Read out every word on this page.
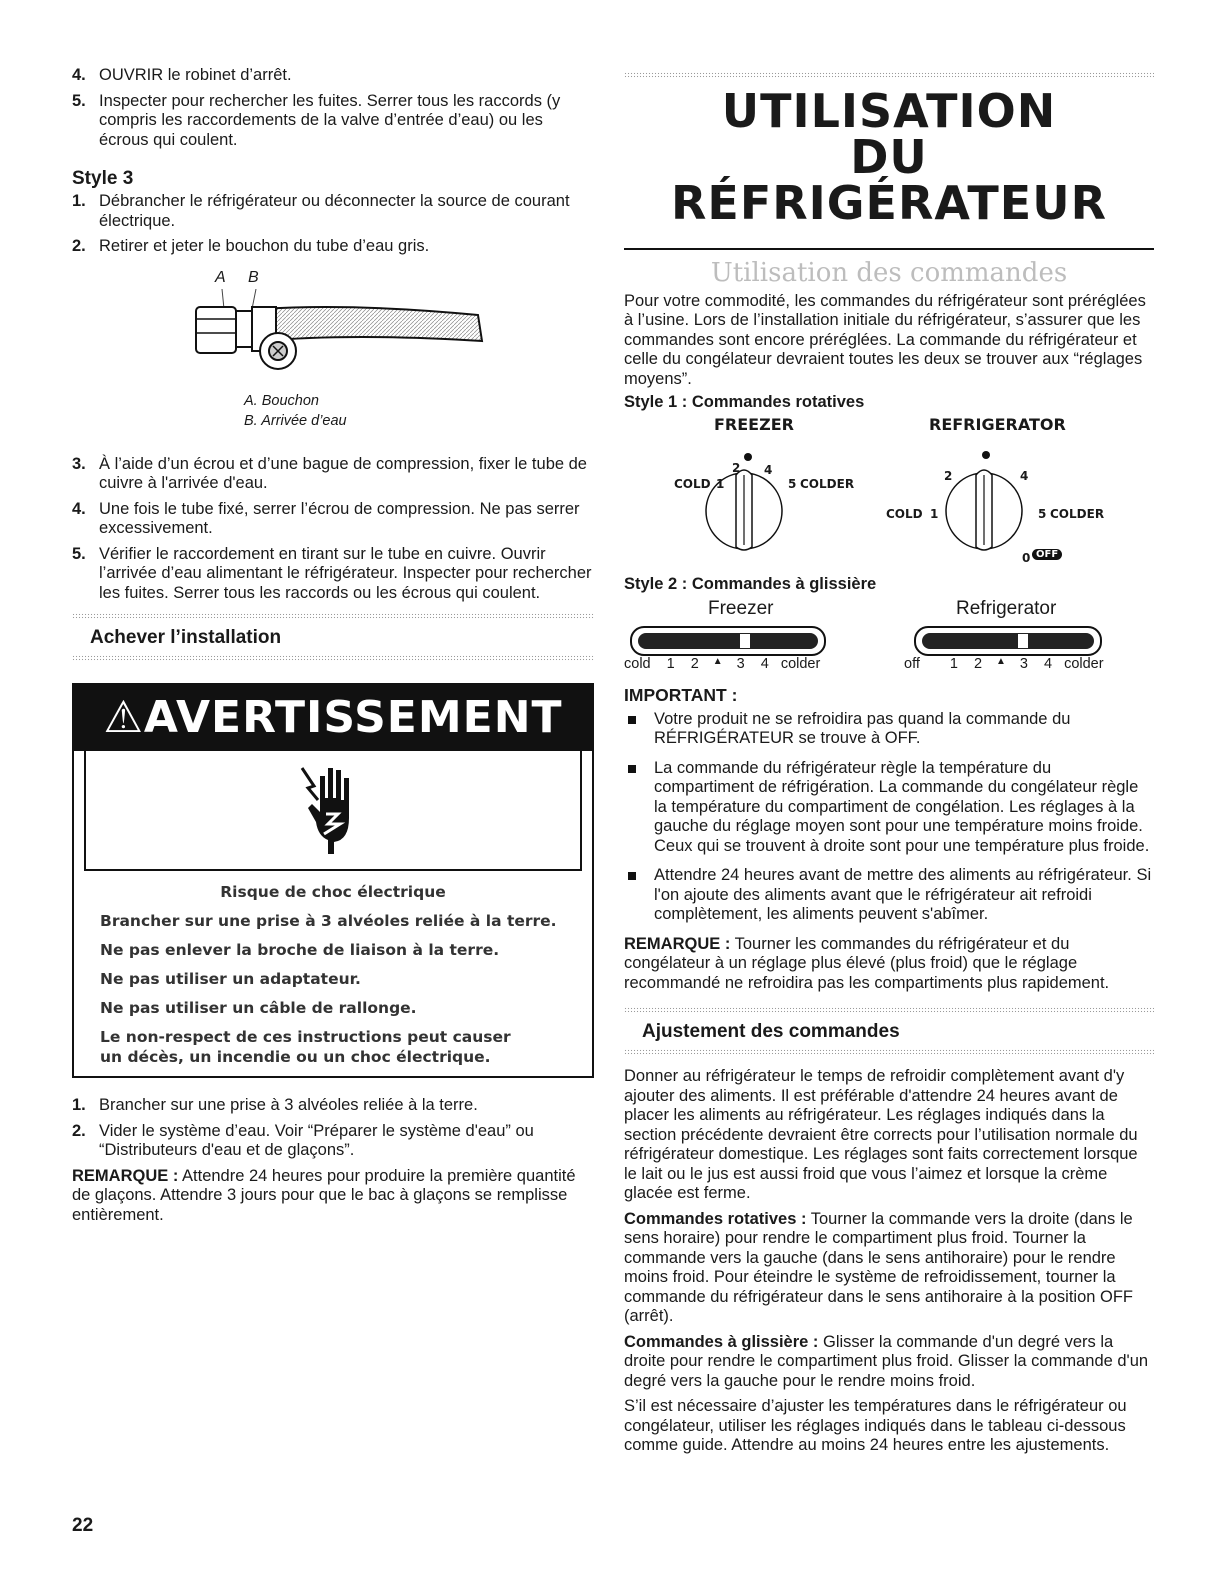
4. OUVRIR le robinet d’arrêt.
5. Inspecter pour rechercher les fuites. Serrer tous les raccords (y compris les raccordements de la valve d’entrée d’eau) ou les écrous qui coulent.

Style 3

1. Débrancher le réfrigérateur ou déconnecter la source de courant électrique.
2. Retirer et jeter le bouchon du tube d’eau gris.
A B

A. Bouchon

B. Arrivée d’eau

3. À l’aide d’un écrou et d’une bague de compression, fixer le tube de cuivre à l'arrivée d'eau.
4. Une fois le tube fixé, serrer l’écrou de compression. Ne pas serrer excessivement.
5. Vérifier le raccordement en tirant sur le tube en cuivre. Ouvrir l’arrivée d’eau alimentant le réfrigérateur. Inspecter pour rechercher les fuites. Serrer tous les raccords ou les écrous qui coulent.

Achever l’installation

⚠AVERTISSEMENT

Risque de choc électrique

Brancher sur une prise à 3 alvéoles reliée à la terre.

Ne pas enlever la broche de liaison à la terre.

Ne pas utiliser un adaptateur.

Ne pas utiliser un câble de rallonge.

Le non-respect de ces instructions peut causer

un décès, un incendie ou un choc électrique.

1. Brancher sur une prise à 3 alvéoles reliée à la terre.
2. Vider le système d’eau. Voir “Préparer le système d'eau” ou “Distributeurs d'eau et de glaçons”.

REMARQUE : Attendre 24 heures pour produire la première quantité de glaçons. Attendre 3 jours pour que le bac à glaçons se remplisse entièrement.

UTILISATION
DU RÉFRIGÉRATEUR

Utilisation des commandes

Pour votre commodité, les commandes du réfrigérateur sont préréglées à l’usine. Lors de l’installation initiale du réfrigérateur, s’assurer que les commandes sont encore préréglées. La commande du réfrigérateur et celle du congélateur devraient toutes les deux se trouver aux “réglages moyens”.

Style 1 : Commandes rotatives

FREEZER	REFRIGERATOR
COLD 1
2 4
5 COLDER
2	4
COLD 1	5 COLDER
0 OFF

Style 2 : Commandes à glissière

Freezer	Refrigerator
cold 1 2 ▲ 3 4 colder	off 1 2 ▲ 3 4 colder

IMPORTANT :

Votre produit ne se refroidira pas quand la commande du RÉFRIGÉRATEUR se trouve à OFF.
La commande du réfrigérateur règle la température du compartiment de réfrigération. La commande du congélateur règle la température du compartiment de congélation. Les réglages à la gauche du réglage moyen sont pour une température moins froide. Ceux qui se trouvent à droite sont pour une température plus froide.
Attendre 24 heures avant de mettre des aliments au réfrigérateur. Si l'on ajoute des aliments avant que le réfrigérateur ait refroidi complètement, les aliments peuvent s'abîmer.

REMARQUE : Tourner les commandes du réfrigérateur et du congélateur à un réglage plus élevé (plus froid) que le réglage recommandé ne refroidira pas les compartiments plus rapidement.

Ajustement des commandes

Donner au réfrigérateur le temps de refroidir complètement avant d'y ajouter des aliments. Il est préférable d'attendre 24 heures avant de placer les aliments au réfrigérateur. Les réglages indiqués dans la section précédente devraient être corrects pour l’utilisation normale du réfrigérateur domestique. Les réglages sont faits correctement lorsque le lait ou le jus est aussi froid que vous l’aimez et lorsque la crème glacée est ferme.

Commandes rotatives : Tourner la commande vers la droite (dans le sens horaire) pour rendre le compartiment plus froid. Tourner la commande vers la gauche (dans le sens antihoraire) pour le rendre moins froid. Pour éteindre le système de refroidissement, tourner la commande du réfrigérateur dans le sens antihoraire à la position OFF (arrêt).

Commandes à glissière : Glisser la commande d'un degré vers la droite pour rendre le compartiment plus froid. Glisser la commande d'un degré vers la gauche pour le rendre moins froid.

S’il est nécessaire d’ajuster les températures dans le réfrigérateur ou congélateur, utiliser les réglages indiqués dans le tableau ci-dessous comme guide. Attendre au moins 24 heures entre les ajustements.

22
